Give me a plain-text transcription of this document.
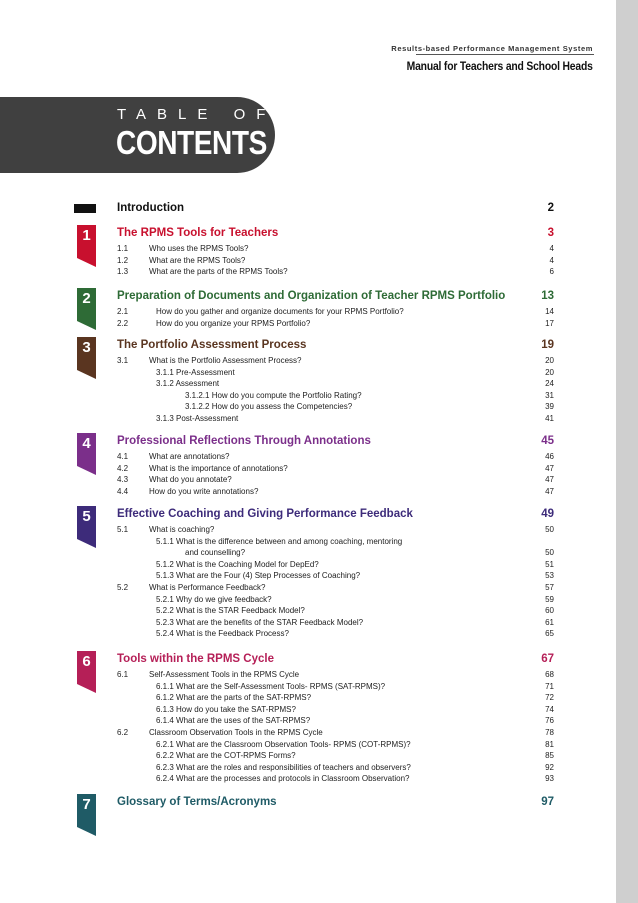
Results-based Performance Management System
Manual for Teachers and School Heads
TABLE OF
CONTENTS
Introduction	2
1	The RPMS Tools for Teachers	3
1.1	Who uses the RPMS Tools?	4
1.2	What are the RPMS Tools?	4
1.3	What are the parts of the RPMS Tools?	6
2	Preparation of Documents and Organization of Teacher RPMS Portfolio	13
2.1	How do you gather and organize documents for your RPMS Portfolio?	14
2.2	How do you organize your RPMS Portfolio?	17
3	The Portfolio Assessment Process	19
3.1	What is the Portfolio Assessment Process?	20
3.1.1 Pre-Assessment	20
3.1.2 Assessment	24
3.1.2.1 How do you compute the Portfolio Rating?	31
3.1.2.2 How do you assess the Competencies?	39
3.1.3 Post-Assessment	41
4	Professional Reflections Through Annotations	45
4.1	What are annotations?	46
4.2	What is the importance of annotations?	47
4.3	What do you annotate?	47
4.4	How do you write annotations?	47
5	Effective Coaching and Giving Performance Feedback	49
5.1	What is coaching?	50
5.1.1 What is the difference between and among coaching, mentoring
and counselling?	50
5.1.2 What is the Coaching Model for DepEd?	51
5.1.3 What are the Four (4) Step Processes of Coaching?	53
5.2	What is Performance Feedback?	57
5.2.1 Why do we give feedback?	59
5.2.2 What is the STAR Feedback Model?	60
5.2.3 What are the benefits of the STAR Feedback Model?	61
5.2.4 What is the Feedback Process?	65
6	Tools within the RPMS Cycle	67
6.1	Self-Assessment Tools in the RPMS Cycle	68
6.1.1 What are the Self-Assessment Tools- RPMS (SAT-RPMS)?	71
6.1.2 What are the parts of the SAT-RPMS?	72
6.1.3 How do you take the SAT-RPMS?	74
6.1.4 What are the uses of the SAT-RPMS?	76
6.2	Classroom Observation Tools in the RPMS Cycle	78
6.2.1 What are the Classroom Observation Tools- RPMS (COT-RPMS)?	81
6.2.2 What are the COT-RPMS Forms?	85
6.2.3 What are the roles and responsibilities of teachers and observers?	92
6.2.4 What are the processes and protocols in Classroom Observation?	93
7	Glossary of Terms/Acronyms	97
